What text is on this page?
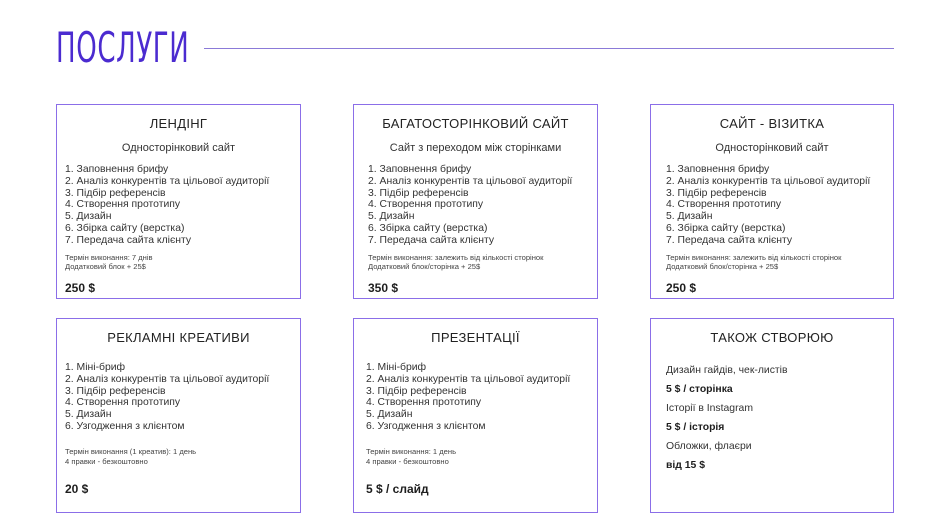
ПОСЛУГИ
ЛЕНДІНГ
Односторінковий сайт
1. Заповнення брифу
2. Аналіз конкурентів та цільової аудиторії
3. Підбір референсів
4. Створення прототипу
5. Дизайн
6. Збірка сайту (верстка)
7. Передача сайта клієнту
Термін виконання: 7 днів
Додатковий блок + 25$
250 $
БАГАТОСТОРІНКОВИЙ САЙТ
Сайт з переходом між сторінками
1. Заповнення брифу
2. Аналіз конкурентів та цільової аудиторії
3. Підбір референсів
4. Створення прототипу
5. Дизайн
6. Збірка сайту (верстка)
7. Передача сайта клієнту
Термін виконання: залежить від кількості сторінок
Додатковий блок/сторінка + 25$
350 $
САЙТ - ВІЗИТКА
Односторінковий сайт
1. Заповнення брифу
2. Аналіз конкурентів та цільової аудиторії
3. Підбір референсів
4. Створення прототипу
5. Дизайн
6. Збірка сайту (верстка)
7. Передача сайта клієнту
Термін виконання: залежить від кількості сторінок
Додатковий блок/сторінка + 25$
250 $
РЕКЛАМНІ КРЕАТИВИ
1. Міні-бриф
2. Аналіз конкурентів та цільової аудиторії
3. Підбір референсів
4. Створення прототипу
5. Дизайн
6. Узгодження з клієнтом
Термін виконання (1 креатив): 1 день
4 правки - безкоштовно
20 $
ПРЕЗЕНТАЦІЇ
1. Міні-бриф
2. Аналіз конкурентів та цільової аудиторії
3. Підбір референсів
4. Створення прототипу
5. Дизайн
6. Узгодження з клієнтом
Термін виконання: 1 день
4 правки - безкоштовно
5 $ / слайд
ТАКОЖ СТВОРЮЮ
Дизайн гайдів, чек-листів
5 $ / сторінка
Історії в Instagram
5 $ / історія
Обложки, флаєри
від 15 $
